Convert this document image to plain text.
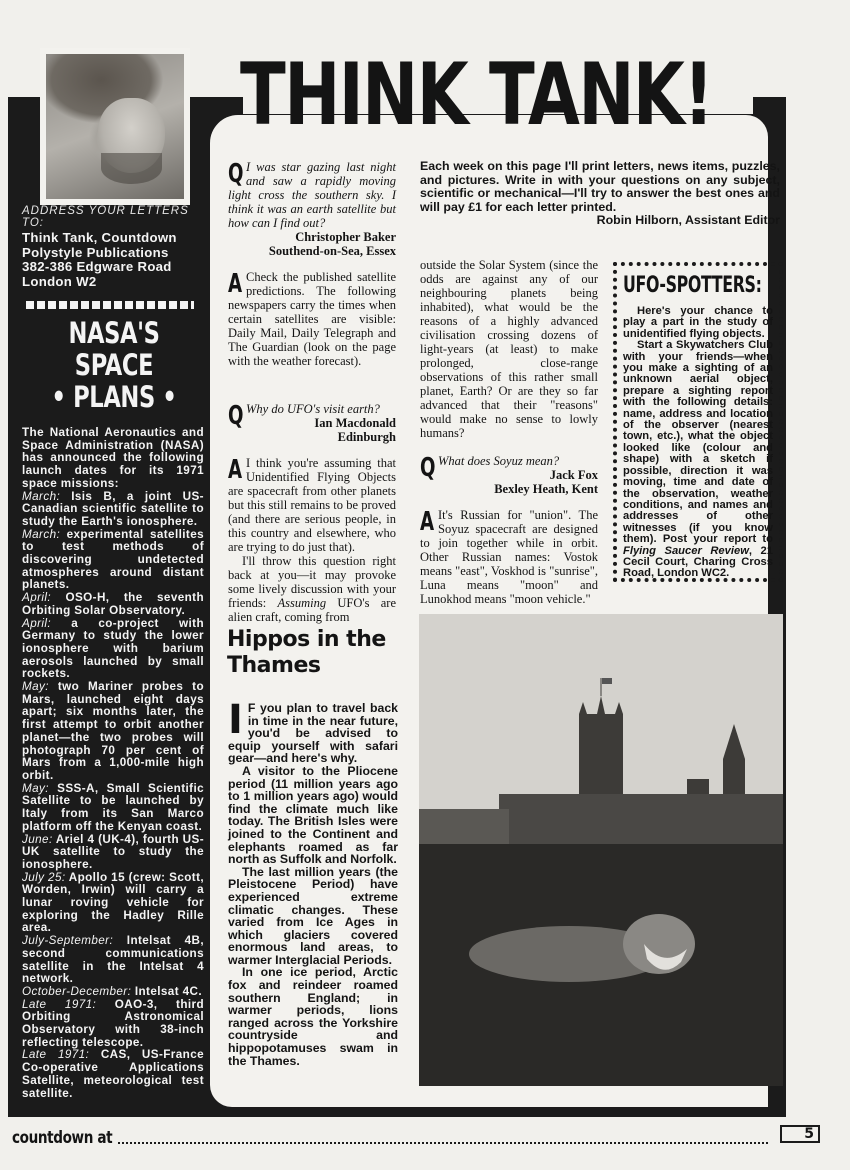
THINK TANK!
ADDRESS YOUR LETTERS TO:
Think Tank, Countdown
Polystyle Publications
382-386 Edgware Road
London W2
NASA'S SPACE
• PLANS •

The National Aeronautics and Space Administration (NASA) has announced the following launch dates for its 1971 space missions:

March: Isis B, a joint US-Canadian scientific satellite to study the Earth's ionosphere.

March: experimental satellites to test methods of discovering undetected atmospheres around distant planets.

April: OSO-H, the seventh Orbiting Solar Observatory.

April: a co-project with Germany to study the lower ionosphere with barium aerosols launched by small rockets.

May: two Mariner probes to Mars, launched eight days apart; six months later, the first attempt to orbit another planet—the two probes will photograph 70 per cent of Mars from a 1,000-mile high orbit.

May: SSS-A, Small Scientific Satellite to be launched by Italy from its San Marco platform off the Kenyan coast.

June: Ariel 4 (UK-4), fourth US-UK satellite to study the ionosphere.

July 25: Apollo 15 (crew: Scott, Worden, Irwin) will carry a lunar roving vehicle for exploring the Hadley Rille area.

July-September: Intelsat 4B, second communications satellite in the Intelsat 4 network.

October-December: Intelsat 4C.

Late 1971: OAO-3, third Orbiting Astronomical Observatory with 38-inch reflecting telescope.

Late 1971: CAS, US-France Co-operative Applications Satellite, meteorological test satellite.

Each week on this page I'll print letters, news items, puzzles, and pictures. Write in with your questions on any subject, scientific or mechanical—I'll try to answer the best ones and will pay £1 for each letter printed.

Robin Hilborn, Assistant Editor

Q I was star gazing last night and saw a rapidly moving light cross the southern sky. I think it was an earth satellite but how can I find out?

Christopher Baker

Southend-on-Sea, Essex

A Check the published satellite predictions. The following newspapers carry the times when certain satellites are visible: Daily Mail, Daily Telegraph and The Guardian (look on the page with the weather forecast).

Q Why do UFO's visit earth?

Ian Macdonald

Edinburgh

A I think you're assuming that Unidentified Flying Objects are spacecraft from other planets but this still remains to be proved (and there are serious people, in this country and elsewhere, who are trying to do just that).

I'll throw this question right back at you—it may provoke some lively discussion with your friends: Assuming UFO's are alien craft, coming from

outside the Solar System (since the odds are against any of our neighbouring planets being inhabited), what would be the reasons of a highly advanced civilisation crossing dozens of light-years (at least) to make prolonged, close-range observations of this rather small planet, Earth? Or are they so far advanced that their "reasons" would make no sense to lowly humans?

Q What does Soyuz mean?

Jack Fox

Bexley Heath, Kent

A It's Russian for "union". The Soyuz spacecraft are designed to join together while in orbit. Other Russian names: Vostok means "east", Voskhod is "sunrise", Luna means "moon" and Lunokhod means "moon vehicle."

UFO-SPOTTERS:

Here's your chance to play a part in the study of unidentified flying objects.

Start a Skywatchers Club with your friends—when you make a sighting of an unknown aerial object, prepare a sighting report with the following details: name, address and location of the observer (nearest town, etc.), what the object looked like (colour and shape) with a sketch if possible, direction it was moving, time and date of the observation, weather conditions, and names and addresses of other witnesses (if you know them). Post your report to Flying Saucer Review, 21 Cecil Court, Charing Cross Road, London WC2.

Hippos in the Thames

I F you plan to travel back in time in the near future, you'd be advised to equip yourself with safari gear—and here's why.

A visitor to the Pliocene period (11 million years ago to 1 million years ago) would find the climate much like today. The British Isles were joined to the Continent and elephants roamed as far north as Suffolk and Norfolk.

The last million years (the Pleistocene Period) have experienced extreme climatic changes. These varied from Ice Ages in which glaciers covered enormous land areas, to warmer Interglacial Periods.

In one ice period, Arctic fox and reindeer roamed southern England; in warmer periods, lions ranged across the Yorkshire countryside and hippopotamuses swam in the Thames.

countdown at	5
